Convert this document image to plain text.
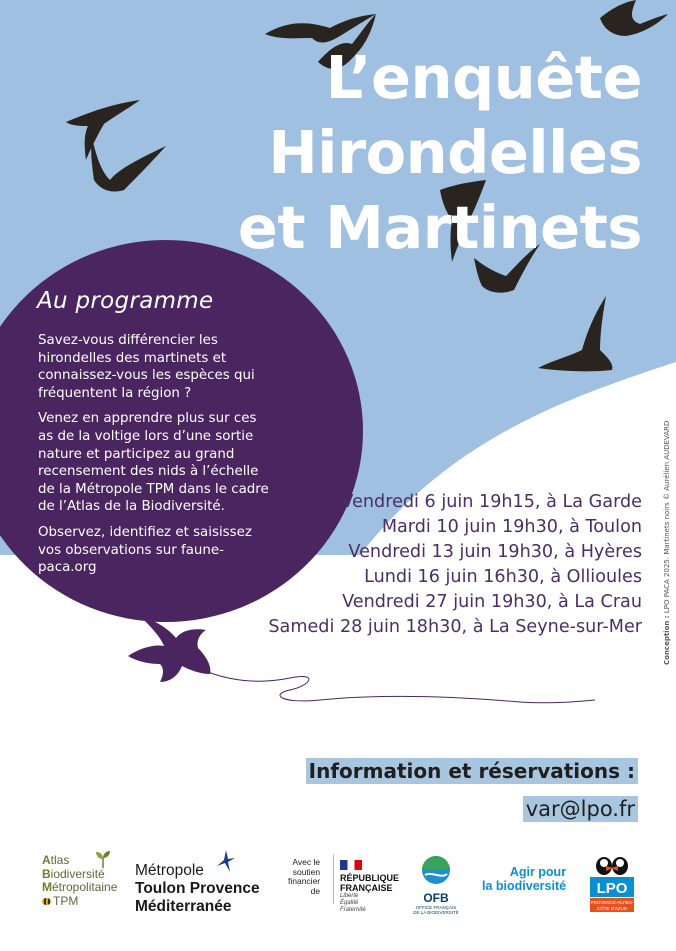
L’enquête
Hirondelles
et Martinets
Au programme

Savez-vous différencier les hirondelles des martinets et connaissez-vous les espèces qui fréquentent la région ?

Venez en apprendre plus sur ces as de la voltige lors d’une sortie nature et participez au grand recensement des nids à l’échelle de la Métropole TPM dans le cadre de l’Atlas de la Biodiversité.

Observez, identifiez et saisissez vos observations sur faune-paca.org

Vendredi 6 juin 19h15, à La Garde
Mardi 10 juin 19h30, à Toulon
Vendredi 13 juin 19h30, à Hyères
Lundi 16 juin 16h30, à Ollioules
Vendredi 27 juin 19h30, à La Crau
Samedi 28 juin 18h30, à La Seyne-sur-Mer	Conception : LPO PACA 2025. Martinets noirs © Aurélien AUDEVARD
Information et réservations :
var@lpo.fr
Atlas
Biodiversité
Métropolitaine
TPM
Métropole
Toulon Provence
Méditerranée
Avec le
soutien
financier
de
RÉPUBLIQUE
FRANÇAISE
Liberté
Égalité
Fraternité
OFB
OFFICE FRANÇAIS
DE LA BIODIVERSITÉ
Agir pour
la biodiversité LPO
PROVENCE-ALPES-
CÔTE D’AZUR
